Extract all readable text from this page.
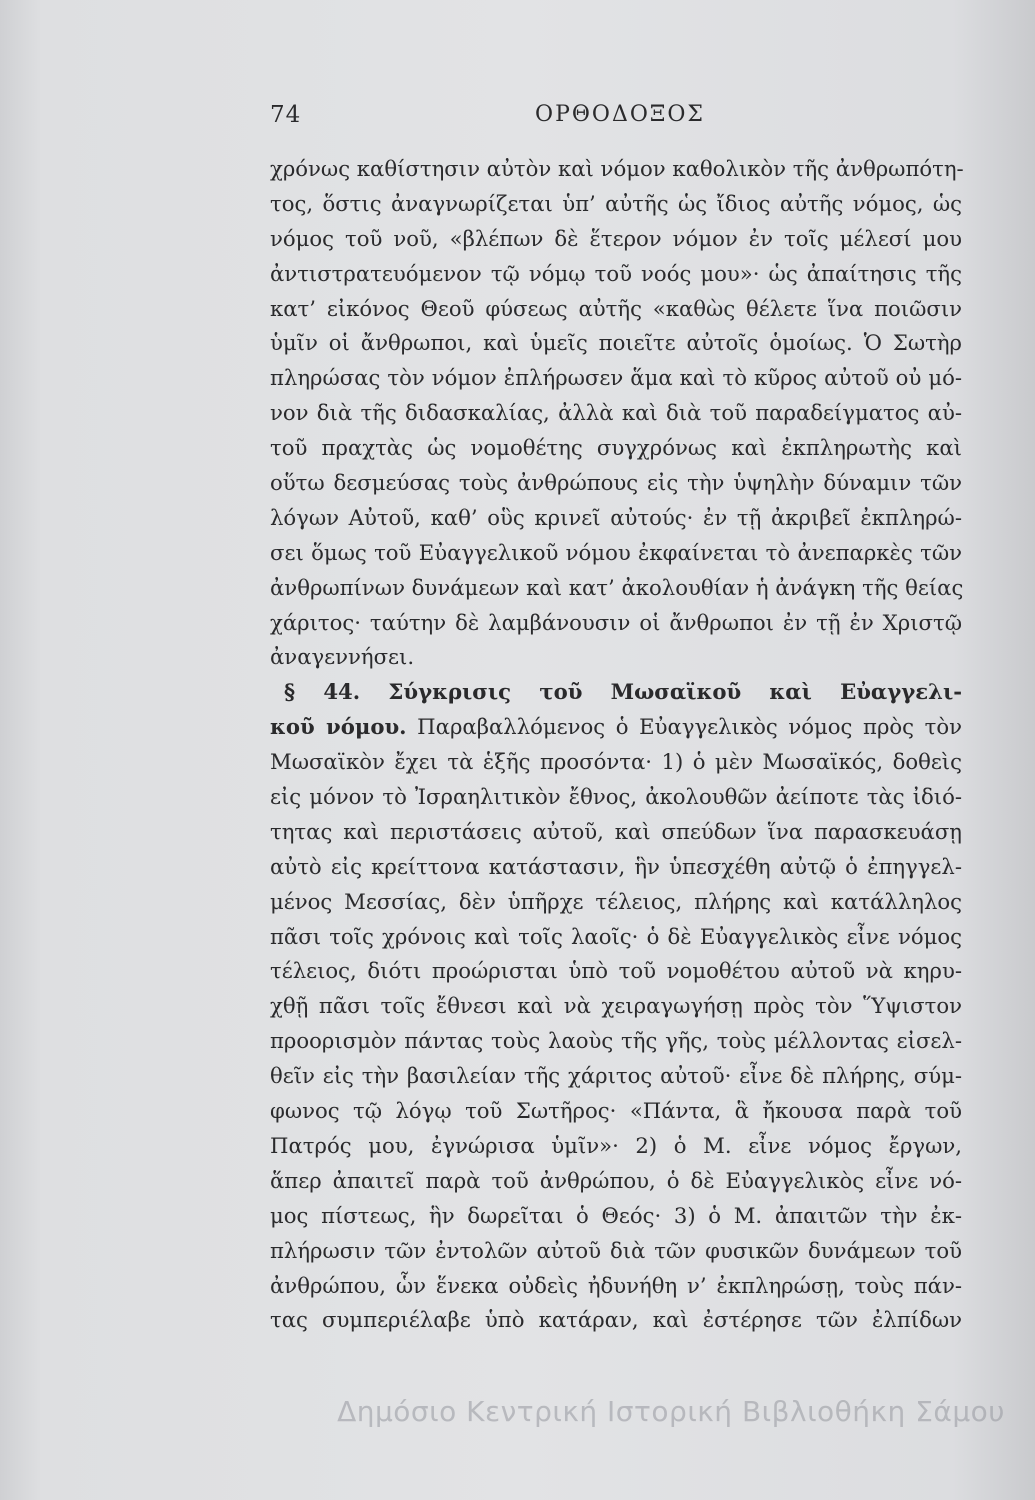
74	ΟΡΘΟΔΟΞΟΣ
χρόνως καθίστησιν αὐτὸν καὶ νόμον καθολικὸν τῆς ἀνθρωπότη-
τος, ὅστις ἀναγνωρίζεται ὑπ’ αὐτῆς ὡς ἴδιος αὐτῆς νόμος, ὡς
νόμος τοῦ νοῦ, «βλέπων δὲ ἕτερον νόμον ἐν τοῖς μέλεσί μου
ἀντιστρατευόμενον τῷ νόμῳ τοῦ νοός μου»· ὡς ἀπαίτησις τῆς
κατ’ εἰκόνος Θεοῦ φύσεως αὐτῆς «καθὼς θέλετε ἵνα ποιῶσιν
ὑμῖν οἱ ἄνθρωποι, καὶ ὑμεῖς ποιεῖτε αὐτοῖς ὁμοίως. Ὁ Σωτὴρ
πληρώσας τὸν νόμον ἐπλήρωσεν ἅμα καὶ τὸ κῦρος αὐτοῦ οὐ μό-
νον διὰ τῆς διδασκαλίας, ἀλλὰ καὶ διὰ τοῦ παραδείγματος αὐ-
τοῦ πραχτὰς ὡς νομοθέτης συγχρόνως καὶ ἐκπληρωτὴς καὶ
οὕτω δεσμεύσας τοὺς ἀνθρώπους εἰς τὴν ὑψηλὴν δύναμιν τῶν
λόγων Αὐτοῦ, καθ’ οὓς κρινεῖ αὐτούς· ἐν τῇ ἀκριβεῖ ἐκπληρώ-
σει ὅμως τοῦ Εὐαγγελικοῦ νόμου ἐκφαίνεται τὸ ἀνεπαρκὲς τῶν
ἀνθρωπίνων δυνάμεων καὶ κατ’ ἀκολουθίαν ἡ ἀνάγκη τῆς θείας
χάριτος· ταύτην δὲ λαμβάνουσιν οἱ ἄνθρωποι ἐν τῇ ἐν Χριστῷ
ἀναγεννήσει.
§ 44. Σύγκρισις τοῦ Μωσαϊκοῦ καὶ Εὐαγγελι-
κοῦ νόμου. Παραβαλλόμενος ὁ Εὐαγγελικὸς νόμος πρὸς τὸν
Μωσαϊκὸν ἔχει τὰ ἑξῆς προσόντα· 1) ὁ μὲν Μωσαϊκός, δοθεὶς
εἰς μόνον τὸ Ἰσραηλιτικὸν ἔθνος, ἀκολουθῶν ἀείποτε τὰς ἰδιό-
τητας καὶ περιστάσεις αὐτοῦ, καὶ σπεύδων ἵνα παρασκευάσῃ
αὐτὸ εἰς κρείττονα κατάστασιν, ἣν ὑπεσχέθη αὐτῷ ὁ ἐπηγγελ-
μένος Μεσσίας, δὲν ὑπῆρχε τέλειος, πλήρης καὶ κατάλληλος
πᾶσι τοῖς χρόνοις καὶ τοῖς λαοῖς· ὁ δὲ Εὐαγγελικὸς εἶνε νόμος
τέλειος, διότι προώρισται ὑπὸ τοῦ νομοθέτου αὐτοῦ νὰ κηρυ-
χθῇ πᾶσι τοῖς ἔθνεσι καὶ νὰ χειραγωγήσῃ πρὸς τὸν Ὕψιστον
προορισμὸν πάντας τοὺς λαοὺς τῆς γῆς, τοὺς μέλλοντας εἰσελ-
θεῖν εἰς τὴν βασιλείαν τῆς χάριτος αὐτοῦ· εἶνε δὲ πλήρης, σύμ-
φωνος τῷ λόγῳ τοῦ Σωτῆρος· «Πάντα, ἃ ἤκουσα παρὰ τοῦ
Πατρός μου, ἐγνώρισα ὑμῖν»· 2) ὁ Μ. εἶνε νόμος ἔργων,
ἅπερ ἀπαιτεῖ παρὰ τοῦ ἀνθρώπου, ὁ δὲ Εὐαγγελικὸς εἶνε νό-
μος πίστεως, ἣν δωρεῖται ὁ Θεός· 3) ὁ Μ. ἀπαιτῶν τὴν ἐκ-
πλήρωσιν τῶν ἐντολῶν αὐτοῦ διὰ τῶν φυσικῶν δυνάμεων τοῦ
ἀνθρώπου, ὧν ἕνεκα οὐδεὶς ἠδυνήθη ν’ ἐκπληρώσῃ, τοὺς πάν-
τας συμπεριέλαβε ὑπὸ κατάραν, καὶ ἐστέρησε τῶν ἐλπίδων
Δημόσιο Κεντρική Ιστορική Βιβλιοθήκη Σάμου
